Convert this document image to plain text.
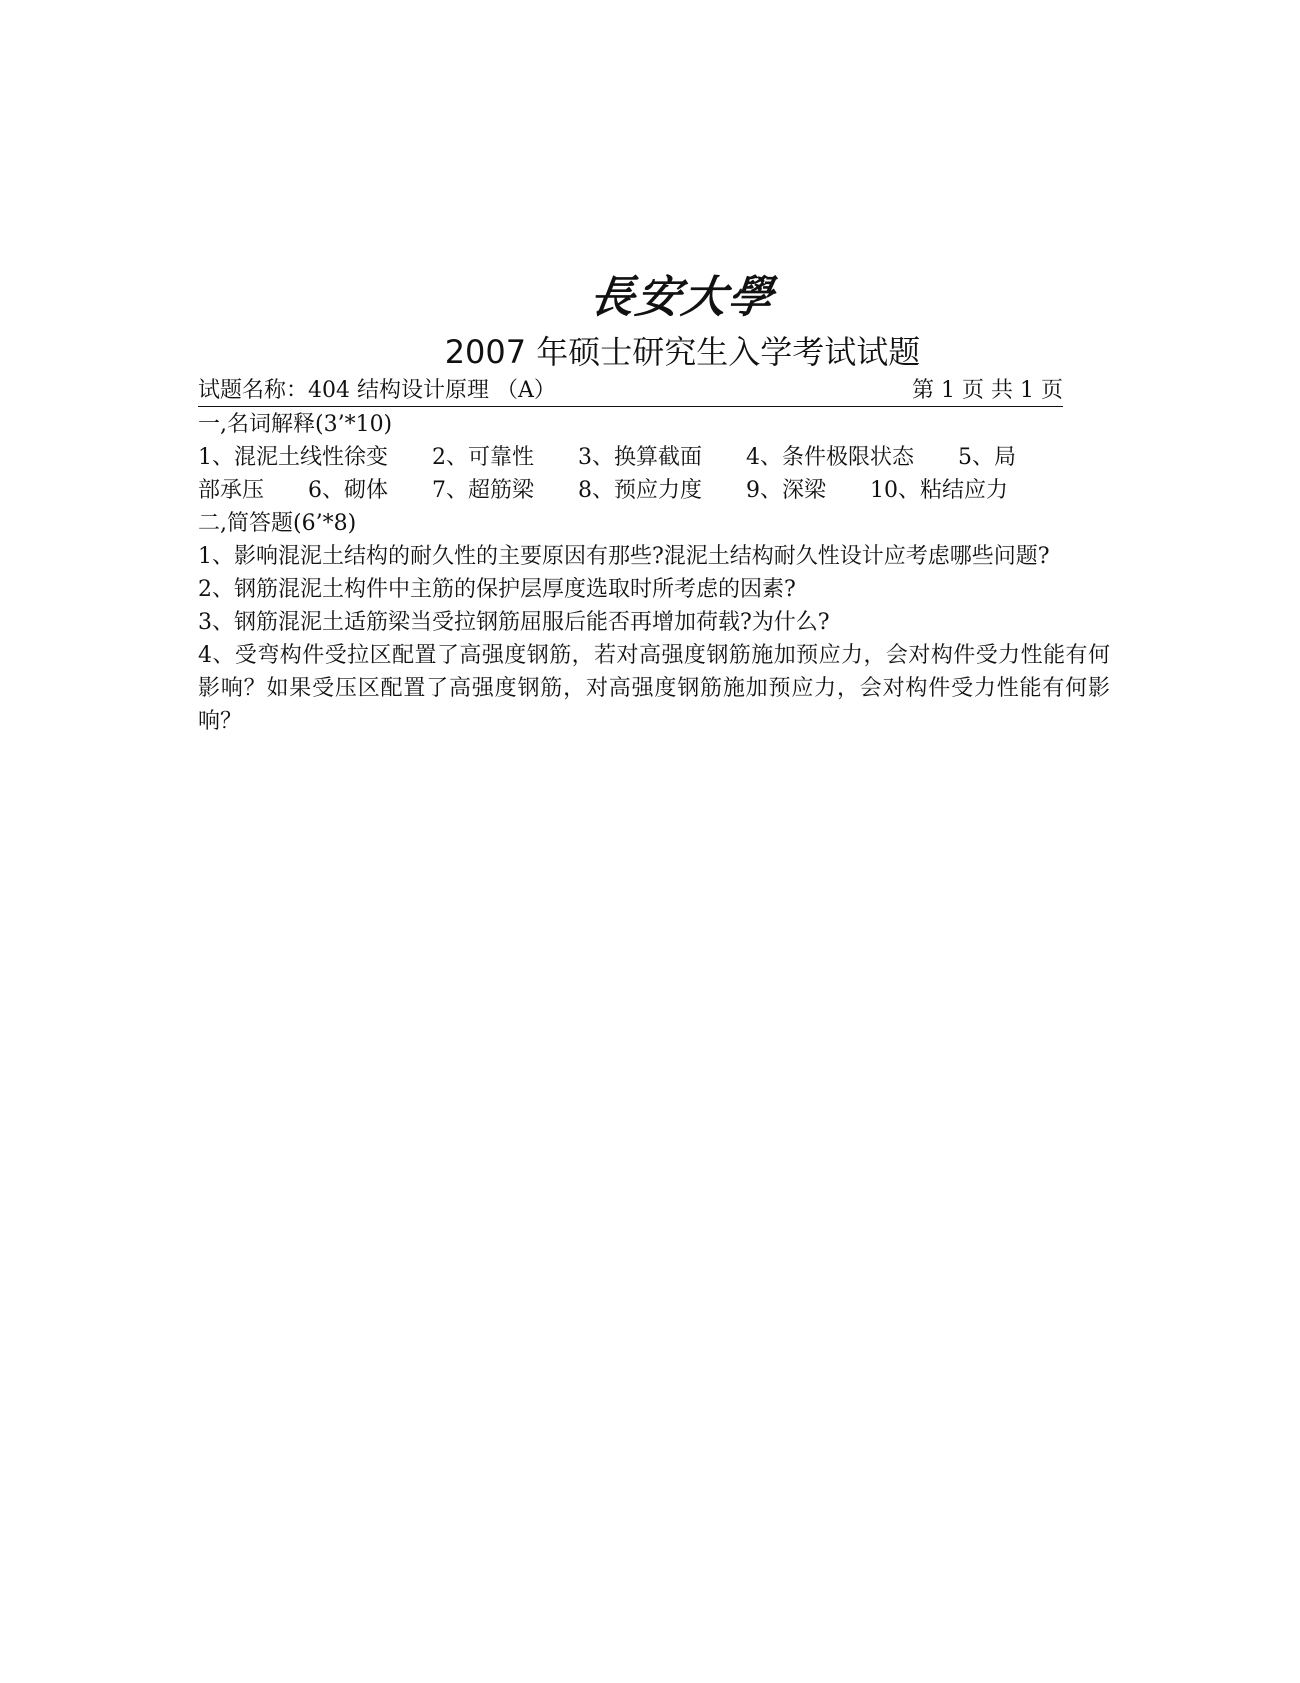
長安大學
2007 年硕士研究生入学考试试题
试题名称：404 结构设计原理 （A）	第 1 页 共 1 页
一,名词解释(3’*10)
1、混泥土线性徐变　　2、可靠性　　3、换算截面　　4、条件极限状态　　5、局
部承压　　6、砌体　　7、超筋梁　　8、预应力度　　9、深梁　　10、粘结应力
二,简答题(6’*8)
1、影响混泥土结构的耐久性的主要原因有那些?混泥土结构耐久性设计应考虑哪些问题?
2、钢筋混泥土构件中主筋的保护层厚度选取时所考虑的因素?
3、钢筋混泥土适筋梁当受拉钢筋屈服后能否再增加荷载?为什么?
4、受弯构件受拉区配置了高强度钢筋，若对高强度钢筋施加预应力，会对构件受力性能有何影响？如果受压区配置了高强度钢筋，对高强度钢筋施加预应力，会对构件受力性能有何影响？
